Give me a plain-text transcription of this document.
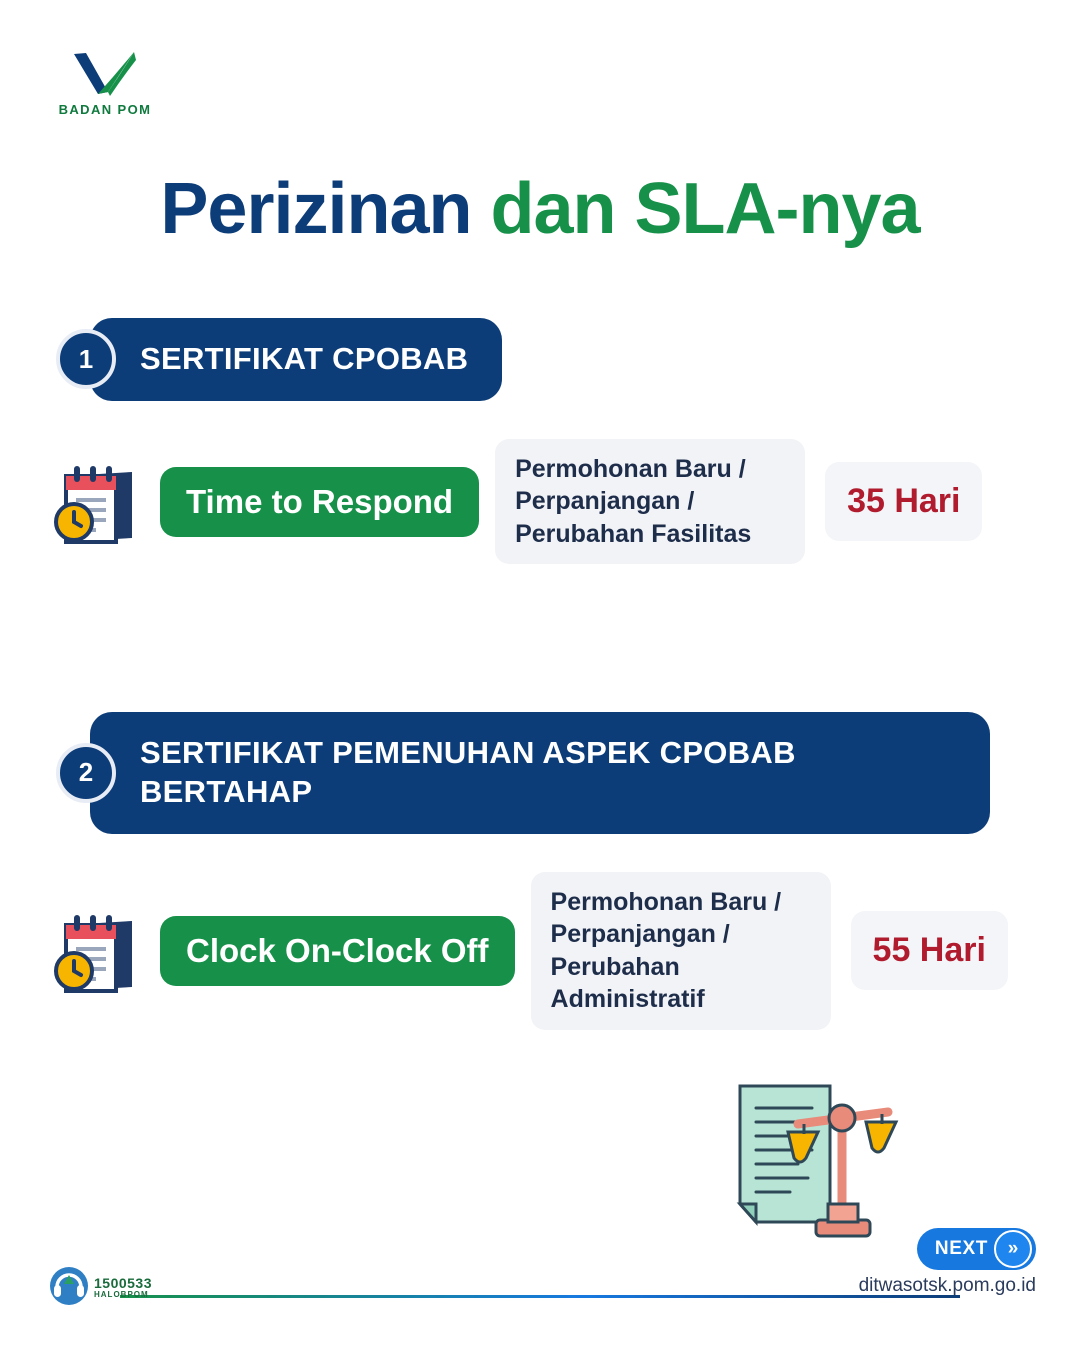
BADAN POM
Perizinan dan SLA-nya
1	SERTIFIKAT CPOBAB
Time to Respond
Permohonan Baru / Perpanjangan / Perubahan Fasilitas
35 Hari
2
SERTIFIKAT PEMENUHAN ASPEK CPOBAB BERTAHAP
Clock On-Clock Off
Permohonan Baru / Perpanjangan / Perubahan Administratif
55 Hari
NEXT	»
ditwasotsk.pom.go.id
1500533
HALOBPOM
